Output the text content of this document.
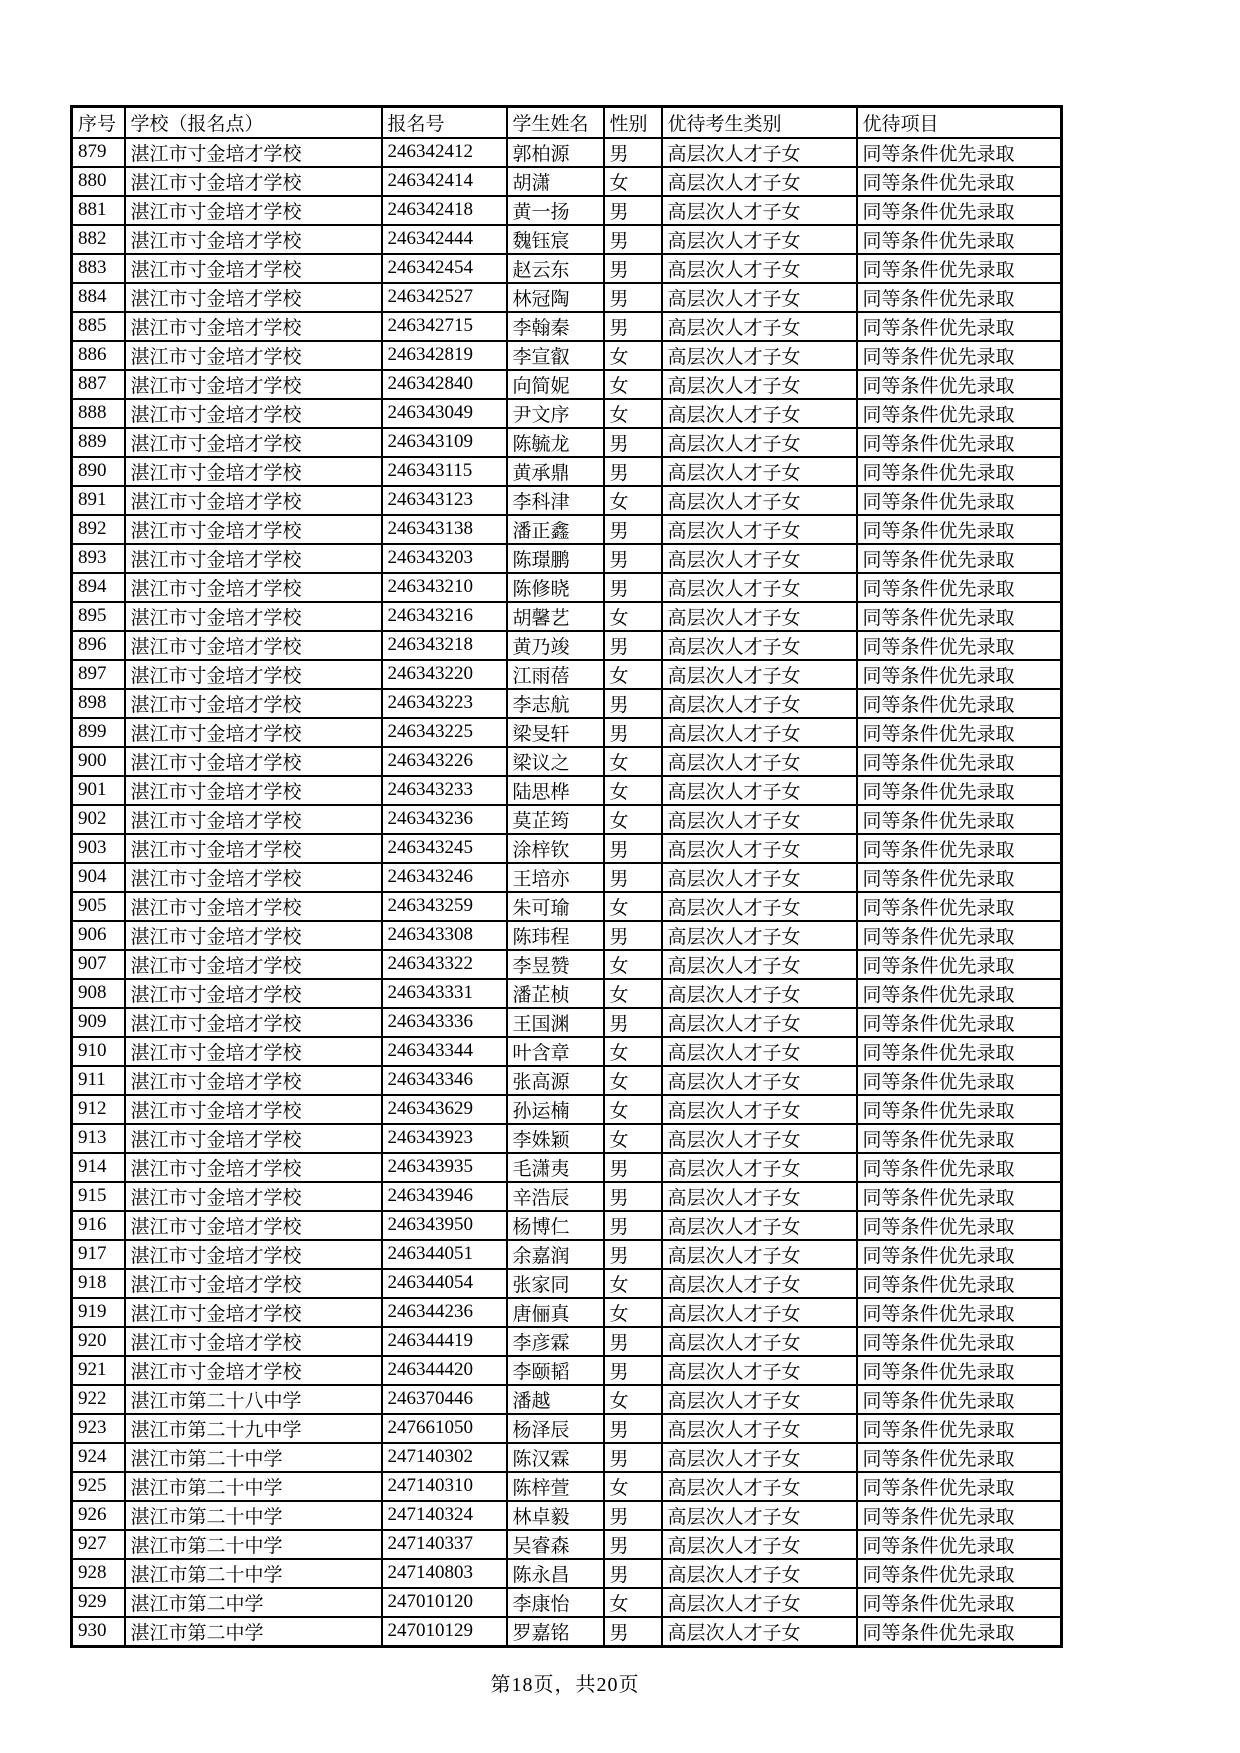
序号	学校（报名点）	报名号	学生姓名	性别	优待考生类别	优待项目
879	湛江市寸金培才学校	246342412	郭柏源	男	高层次人才子女	同等条件优先录取
880	湛江市寸金培才学校	246342414	胡潇	女	高层次人才子女	同等条件优先录取
881	湛江市寸金培才学校	246342418	黄一扬	男	高层次人才子女	同等条件优先录取
882	湛江市寸金培才学校	246342444	魏钰宸	男	高层次人才子女	同等条件优先录取
883	湛江市寸金培才学校	246342454	赵云东	男	高层次人才子女	同等条件优先录取
884	湛江市寸金培才学校	246342527	林冠陶	男	高层次人才子女	同等条件优先录取
885	湛江市寸金培才学校	246342715	李翰秦	男	高层次人才子女	同等条件优先录取
886	湛江市寸金培才学校	246342819	李宣叡	女	高层次人才子女	同等条件优先录取
887	湛江市寸金培才学校	246342840	向简妮	女	高层次人才子女	同等条件优先录取
888	湛江市寸金培才学校	246343049	尹文序	女	高层次人才子女	同等条件优先录取
889	湛江市寸金培才学校	246343109	陈毓龙	男	高层次人才子女	同等条件优先录取
890	湛江市寸金培才学校	246343115	黄承鼎	男	高层次人才子女	同等条件优先录取
891	湛江市寸金培才学校	246343123	李科津	女	高层次人才子女	同等条件优先录取
892	湛江市寸金培才学校	246343138	潘正鑫	男	高层次人才子女	同等条件优先录取
893	湛江市寸金培才学校	246343203	陈璟鹏	男	高层次人才子女	同等条件优先录取
894	湛江市寸金培才学校	246343210	陈修晓	男	高层次人才子女	同等条件优先录取
895	湛江市寸金培才学校	246343216	胡馨艺	女	高层次人才子女	同等条件优先录取
896	湛江市寸金培才学校	246343218	黄乃竣	男	高层次人才子女	同等条件优先录取
897	湛江市寸金培才学校	246343220	江雨蓓	女	高层次人才子女	同等条件优先录取
898	湛江市寸金培才学校	246343223	李志航	男	高层次人才子女	同等条件优先录取
899	湛江市寸金培才学校	246343225	梁旻轩	男	高层次人才子女	同等条件优先录取
900	湛江市寸金培才学校	246343226	梁议之	女	高层次人才子女	同等条件优先录取
901	湛江市寸金培才学校	246343233	陆思桦	女	高层次人才子女	同等条件优先录取
902	湛江市寸金培才学校	246343236	莫芷筠	女	高层次人才子女	同等条件优先录取
903	湛江市寸金培才学校	246343245	涂梓钦	男	高层次人才子女	同等条件优先录取
904	湛江市寸金培才学校	246343246	王培亦	男	高层次人才子女	同等条件优先录取
905	湛江市寸金培才学校	246343259	朱可瑜	女	高层次人才子女	同等条件优先录取
906	湛江市寸金培才学校	246343308	陈玮程	男	高层次人才子女	同等条件优先录取
907	湛江市寸金培才学校	246343322	李昱赞	女	高层次人才子女	同等条件优先录取
908	湛江市寸金培才学校	246343331	潘芷桢	女	高层次人才子女	同等条件优先录取
909	湛江市寸金培才学校	246343336	王国渊	男	高层次人才子女	同等条件优先录取
910	湛江市寸金培才学校	246343344	叶含章	女	高层次人才子女	同等条件优先录取
911	湛江市寸金培才学校	246343346	张高源	女	高层次人才子女	同等条件优先录取
912	湛江市寸金培才学校	246343629	孙运楠	女	高层次人才子女	同等条件优先录取
913	湛江市寸金培才学校	246343923	李姝颖	女	高层次人才子女	同等条件优先录取
914	湛江市寸金培才学校	246343935	毛潇夷	男	高层次人才子女	同等条件优先录取
915	湛江市寸金培才学校	246343946	辛浩辰	男	高层次人才子女	同等条件优先录取
916	湛江市寸金培才学校	246343950	杨博仁	男	高层次人才子女	同等条件优先录取
917	湛江市寸金培才学校	246344051	余嘉润	男	高层次人才子女	同等条件优先录取
918	湛江市寸金培才学校	246344054	张家同	女	高层次人才子女	同等条件优先录取
919	湛江市寸金培才学校	246344236	唐俪真	女	高层次人才子女	同等条件优先录取
920	湛江市寸金培才学校	246344419	李彦霖	男	高层次人才子女	同等条件优先录取
921	湛江市寸金培才学校	246344420	李颐韬	男	高层次人才子女	同等条件优先录取
922	湛江市第二十八中学	246370446	潘越	女	高层次人才子女	同等条件优先录取
923	湛江市第二十九中学	247661050	杨泽辰	男	高层次人才子女	同等条件优先录取
924	湛江市第二十中学	247140302	陈汉霖	男	高层次人才子女	同等条件优先录取
925	湛江市第二十中学	247140310	陈梓萱	女	高层次人才子女	同等条件优先录取
926	湛江市第二十中学	247140324	林卓毅	男	高层次人才子女	同等条件优先录取
927	湛江市第二十中学	247140337	吴睿森	男	高层次人才子女	同等条件优先录取
928	湛江市第二十中学	247140803	陈永昌	男	高层次人才子女	同等条件优先录取
929	湛江市第二中学	247010120	李康怡	女	高层次人才子女	同等条件优先录取
930	湛江市第二中学	247010129	罗嘉铭	男	高层次人才子女	同等条件优先录取
第18页，共20页
